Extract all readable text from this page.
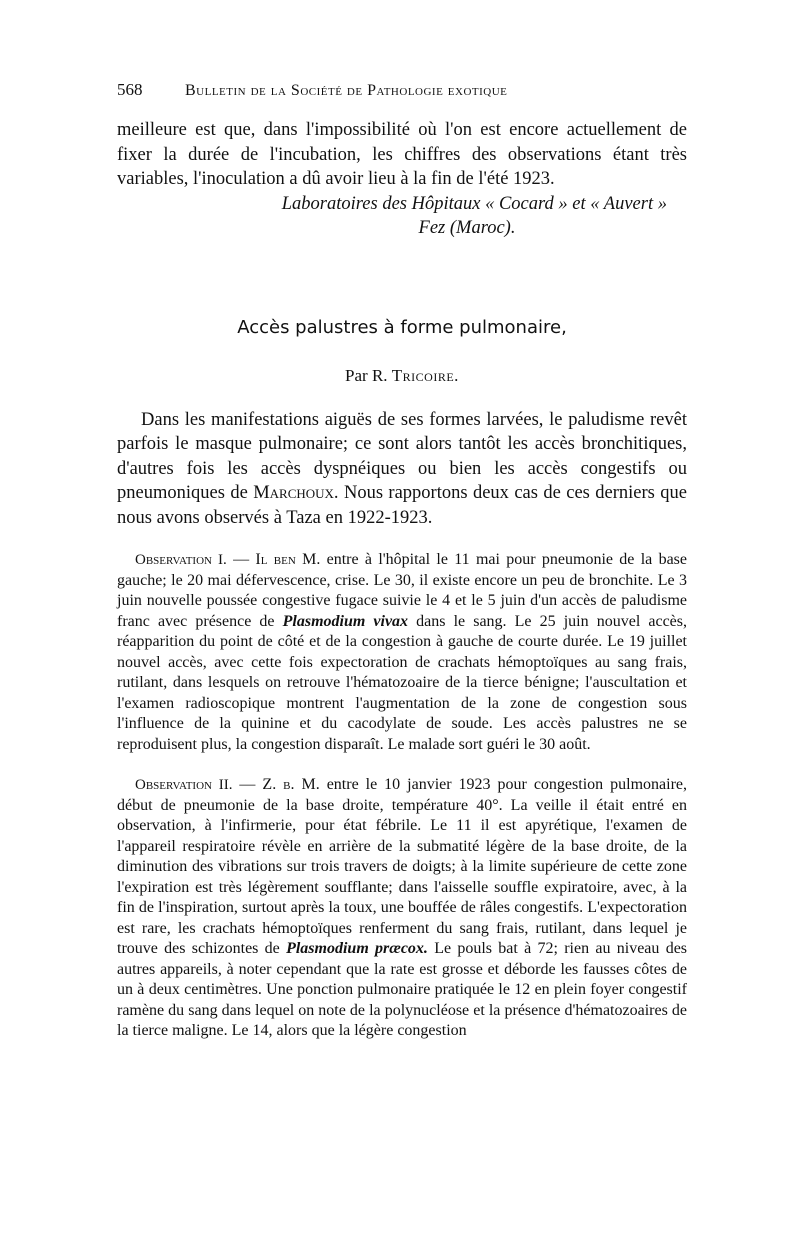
568	Bulletin de la Société de Pathologie exotique

meilleure est que, dans l'impossibilité où l'on est encore actuellement de fixer la durée de l'incubation, les chiffres des observations étant très variables, l'inoculation a dû avoir lieu à la fin de l'été 1923.

Laboratoires des Hôpitaux « Cocard » et « Auvert »

Fez (Maroc).

Accès palustres à forme pulmonaire,

Par R. Tricoire.

Dans les manifestations aiguës de ses formes larvées, le paludisme revêt parfois le masque pulmonaire; ce sont alors tantôt les accès bronchitiques, d'autres fois les accès dyspnéiques ou bien les accès congestifs ou pneumoniques de Marchoux. Nous rapportons deux cas de ces derniers que nous avons observés à Taza en 1922-1923.

Observation I. — Il ben M. entre à l'hôpital le 11 mai pour pneumonie de la base gauche; le 20 mai défervescence, crise. Le 30, il existe encore un peu de bronchite. Le 3 juin nouvelle poussée congestive fugace suivie le 4 et le 5 juin d'un accès de paludisme franc avec présence de Plasmodium vivax dans le sang. Le 25 juin nouvel accès, réapparition du point de côté et de la congestion à gauche de courte durée. Le 19 juillet nouvel accès, avec cette fois expectoration de crachats hémoptoïques au sang frais, rutilant, dans lesquels on retrouve l'hématozoaire de la tierce bénigne; l'auscultation et l'examen radioscopique montrent l'augmentation de la zone de congestion sous l'influence de la quinine et du cacodylate de soude. Les accès palustres ne se reproduisent plus, la congestion disparaît. Le malade sort guéri le 30 août.

Observation II. — Z. b. M. entre le 10 janvier 1923 pour congestion pulmonaire, début de pneumonie de la base droite, température 40°. La veille il était entré en observation, à l'infirmerie, pour état fébrile. Le 11 il est apyrétique, l'examen de l'appareil respiratoire révèle en arrière de la submatité légère de la base droite, de la diminution des vibrations sur trois travers de doigts; à la limite supérieure de cette zone l'expiration est très légèrement soufflante; dans l'aisselle souffle expiratoire, avec, à la fin de l'inspiration, surtout après la toux, une bouffée de râles congestifs. L'expectoration est rare, les crachats hémoptoïques renferment du sang frais, rutilant, dans lequel je trouve des schizontes de Plasmodium præcox. Le pouls bat à 72; rien au niveau des autres appareils, à noter cependant que la rate est grosse et déborde les fausses côtes de un à deux centimètres. Une ponction pulmonaire pratiquée le 12 en plein foyer congestif ramène du sang dans lequel on note de la polynucléose et la présence d'hématozoaires de la tierce maligne. Le 14, alors que la légère congestion
